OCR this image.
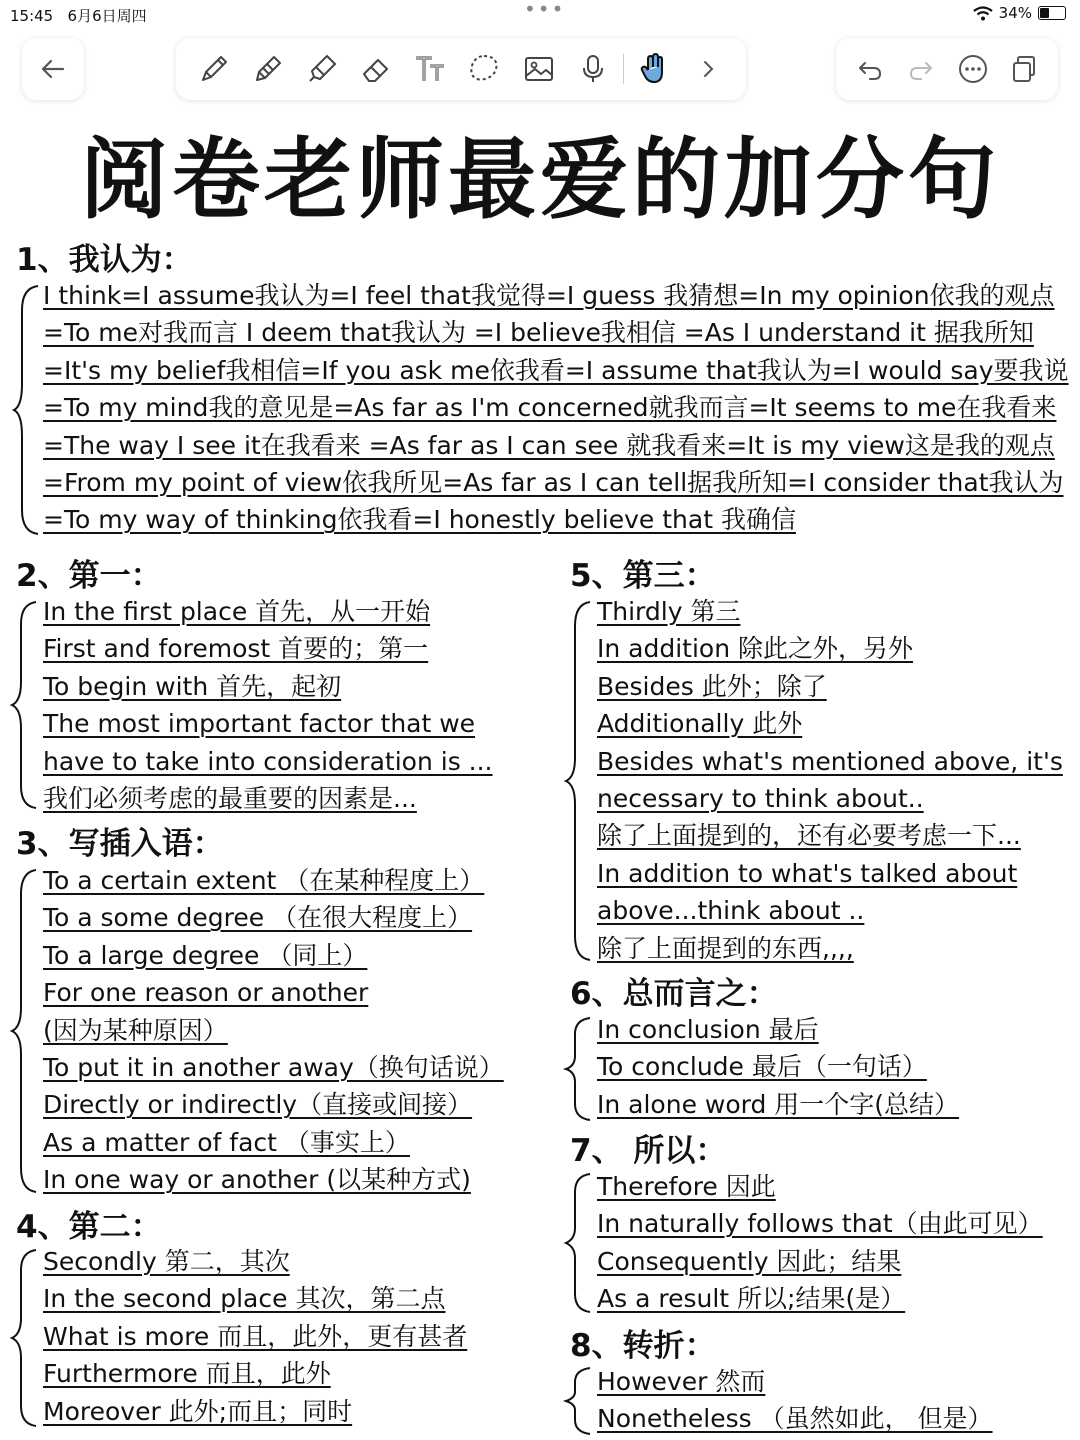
15:45 6月6日周四	•••	34%
阅卷老师最爱的加分句
1、我认为：
I think=I assume我认为=I feel that我觉得=I guess 我猜想=In my opinion依我的观点
=To me对我而言 I deem that我认为 =I believe我相信 =As I understand it 据我所知
=It's my belief我相信=If you ask me依我看=I assume that我认为=I would say要我说
=To my mind我的意见是=As far as I'm concerned就我而言=It seems to me在我看来
=The way I see it在我看来 =As far as I can see 就我看来=It is my view这是我的观点
=From my point of view依我所见=As far as I can tell据我所知=I consider that我认为
=To my way of thinking依我看=I honestly believe that 我确信
2、第一：
In the first place 首先，从一开始
First and foremost 首要的；第一
To begin with 首先，起初
The most important factor that we
have to take into consideration is ...
我们必须考虑的最重要的因素是...
3、写插入语：
To a certain extent （在某种程度上）
To a some degree （在很大程度上）
To a large degree （同上）
For one reason or another
(因为某种原因）
To put it in another away（换句话说）
Directly or indirectly（直接或间接）
As a matter of fact （事实上）
In one way or another (以某种方式)
4、第二：
Secondly 第二，其次
In the second place 其次，第二点
What is more 而且，此外，更有甚者
Furthermore 而且，此外
Moreover 此外;而且；同时
5、第三：
Thirdly 第三
In addition 除此之外，另外
Besides 此外；除了
Additionally 此外
Besides what's mentioned above, it's
necessary to think about..
除了上面提到的，还有必要考虑一下...
In addition to what's talked about
above...think about ..
除了上面提到的东西,,,,
6、总而言之：
In conclusion 最后
To conclude 最后（一句话）
In alone word 用一个字(总结）
7、 所以：
Therefore 因此
In naturally follows that（由此可见）
Consequently 因此；结果
As a result 所以;结果(是）
8、转折：
However 然而
Nonetheless （虽然如此， 但是）
